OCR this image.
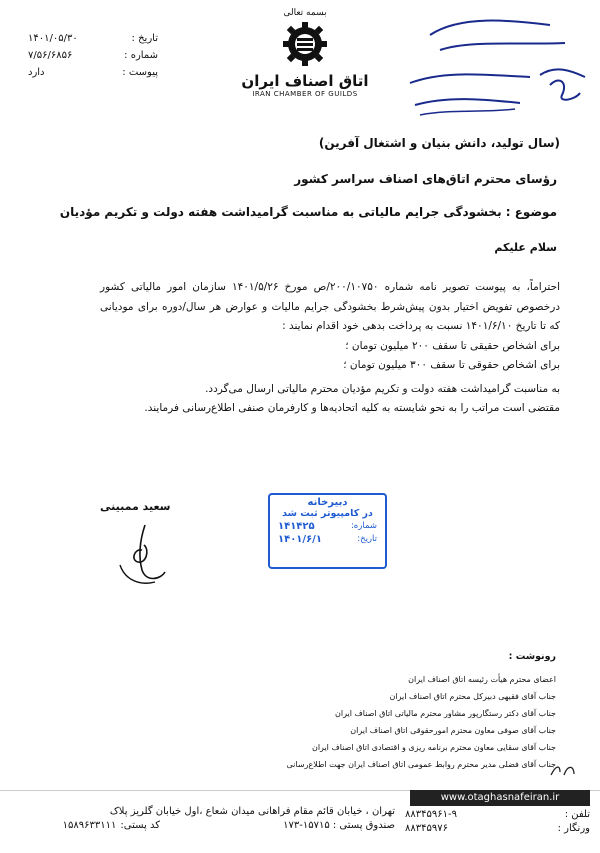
تاریخ :
۱۴۰۱/۰۵/۳۰
شماره :
۷/۵۶/۶۸۵۶
پیوست :
دارد
بسمه تعالی
اتاق اصناف ایران
IRAN CHAMBER OF GUILDS
(سال تولید، دانش بنیان و اشتغال آفرین)
رؤسای محترم اتاق‌های اصناف سراسر کشور
موضوع : بخشودگی جرایم مالیاتی به مناسبت گرامیداشت هفته دولت و تکریم مؤدیان
سلام علیکم

احتراماً، به پیوست تصویر نامه شماره ۲۰۰/۱۰۷۵۰/ص مورخ ۱۴۰۱/۵/۲۶ سازمان امور مالیاتی کشور درخصوص تفویض اختیار بدون پیش‌شرط بخشودگی جرایم مالیات و عوارض هر سال/دوره برای مودیانی که تا تاریخ ۱۴۰۱/۶/۱۰ نسبت به پرداخت بدهی خود اقدام نمایند :

برای اشخاص حقیقی تا سقف ۲۰۰ میلیون تومان ؛

برای اشخاص حقوقی تا سقف ۳۰۰ میلیون تومان ؛

به مناسبت گرامیداشت هفته دولت و تکریم مؤدیان محترم مالیاتی ارسال می‌گردد.

مقتضی است مراتب را به نحو شایسته به کلیه اتحادیه‌ها و کارفرمان صنفی اطلاع‌رسانی فرمایند.

سعید ممبینی	دبیرخانه
در کامپیوتر ثبت شد
شماره:
۱۴۱۴۲۵
تاریخ:
۱۴۰۱/۶/۱
رونوشت :

اعضای محترم هیأت رئیسه اتاق اصناف ایران

جناب آقای فقیهی دبیرکل محترم اتاق اصناف ایران

جناب آقای دکتر رستگارپور مشاور محترم مالیاتی اتاق اصناف ایران

جناب آقای صوفی معاون محترم امورحقوقی اتاق اصناف ایران

جناب آقای سقایی معاون محترم برنامه ریزی و اقتصادی اتاق اصناف ایران

جناب آقای فضلی مدیر محترم روابط عمومی اتاق اصناف ایران جهت اطلاع‌رسانی

www.otaghasnafeiran.ir
تلفن :
۸۸۳۴۵۹۶۱-۹
ورنگار :
۸۸۳۴۵۹۷۶
تهران ، خیابان قائم مقام فراهانی میدان شعاع ،اول خیابان گلریز پلاک
صندوق پستی : ۱۵۷۱۵-۱۷۳

کد پستی:
۱۵۸۹۶۳۳۱۱۱
